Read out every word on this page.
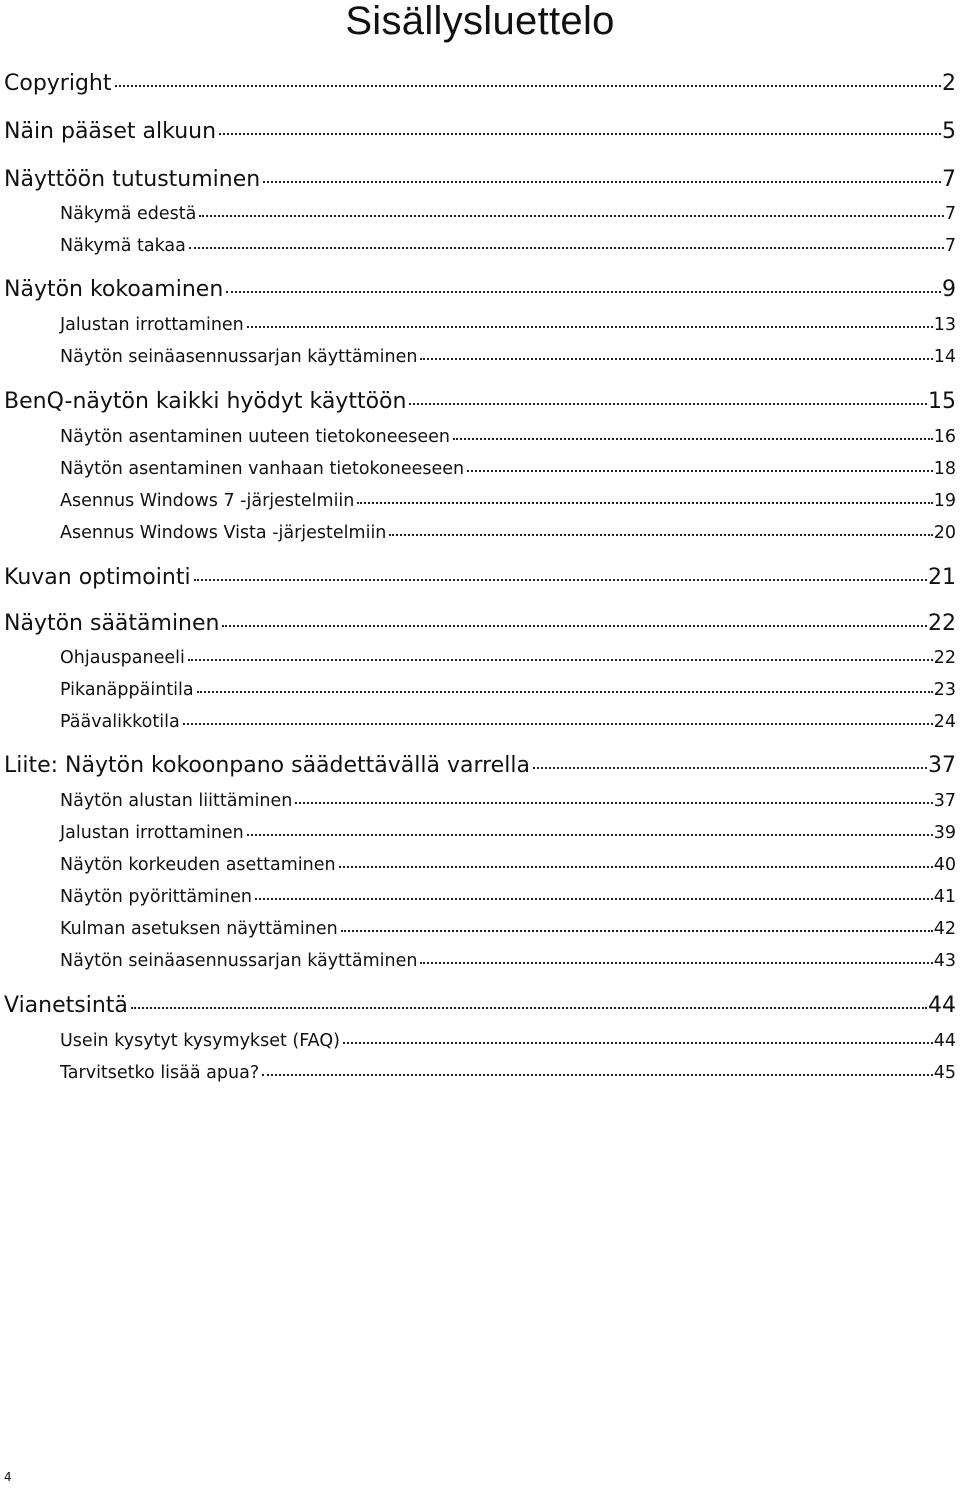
Sisällysluettelo
Copyright	2
Näin pääset alkuun	5
Näyttöön tutustuminen	7
Näkymä edestä	7
Näkymä takaa	7
Näytön kokoaminen	9
Jalustan irrottaminen	13
Näytön seinäasennussarjan käyttäminen	14
BenQ-näytön kaikki hyödyt käyttöön	15
Näytön asentaminen uuteen tietokoneeseen	16
Näytön asentaminen vanhaan tietokoneeseen	18
Asennus Windows 7 -järjestelmiin	19
Asennus Windows Vista -järjestelmiin	20
Kuvan optimointi	21
Näytön säätäminen	22
Ohjauspaneeli	22
Pikanäppäintila	23
Päävalikkotila	24
Liite: Näytön kokoonpano säädettävällä varrella	37
Näytön alustan liittäminen	37
Jalustan irrottaminen	39
Näytön korkeuden asettaminen	40
Näytön pyörittäminen	41
Kulman asetuksen näyttäminen	42
Näytön seinäasennussarjan käyttäminen	43
Vianetsintä	44
Usein kysytyt kysymykset (FAQ)	44
Tarvitsetko lisää apua?	45
4
